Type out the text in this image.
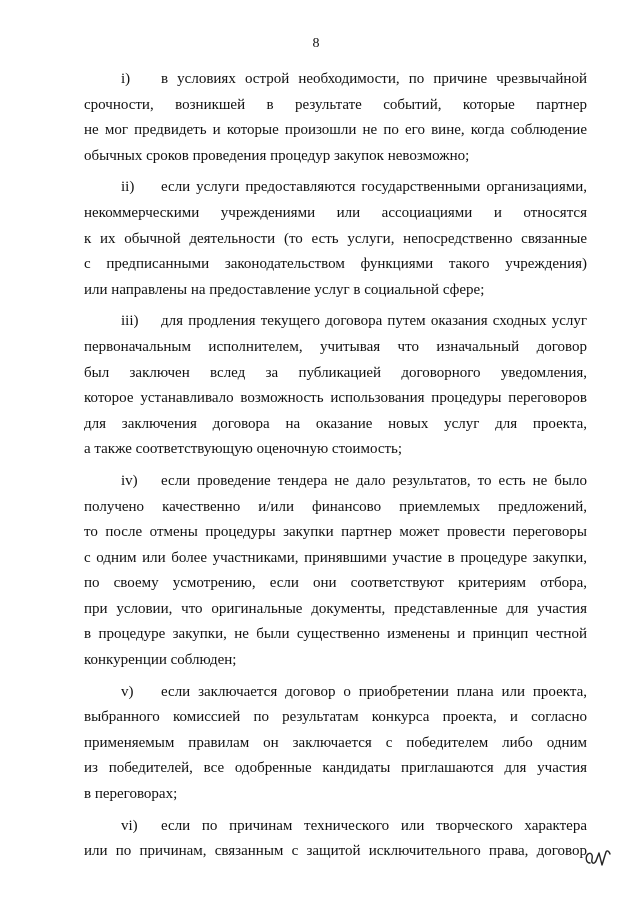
8
i) в условиях острой необходимости, по причине чрезвычайной
срочности, возникшей в результате событий, которые партнер
не мог предвидеть и которые произошли не по его вине, когда соблюдение
обычных сроков проведения процедур закупок невозможно;
ii) если услуги предоставляются государственными организациями,
некоммерческими учреждениями или ассоциациями и относятся
к их обычной деятельности (то есть услуги, непосредственно связанные
с предписанными законодательством функциями такого учреждения)
или направлены на предоставление услуг в социальной сфере;
iii) для продления текущего договора путем оказания сходных услуг
первоначальным исполнителем, учитывая что изначальный договор
был заключен вслед за публикацией договорного уведомления,
которое устанавливало возможность использования процедуры переговоров
для заключения договора на оказание новых услуг для проекта,
а также соответствующую оценочную стоимость;
iv) если проведение тендера не дало результатов, то есть не было
получено качественно и/или финансово приемлемых предложений,
то после отмены процедуры закупки партнер может провести переговоры
с одним или более участниками, принявшими участие в процедуре закупки,
по своему усмотрению, если они соответствуют критериям отбора,
при условии, что оригинальные документы, представленные для участия
в процедуре закупки, не были существенно изменены и принцип честной
конкуренции соблюден;
v) если заключается договор о приобретении плана или проекта,
выбранного комиссией по результатам конкурса проекта, и согласно
применяемым правилам он заключается с победителем либо одним
из победителей, все одобренные кандидаты приглашаются для участия
в переговорах;
vi) если по причинам технического или творческого характера
или по причинам, связанным с защитой исключительного права, договор
